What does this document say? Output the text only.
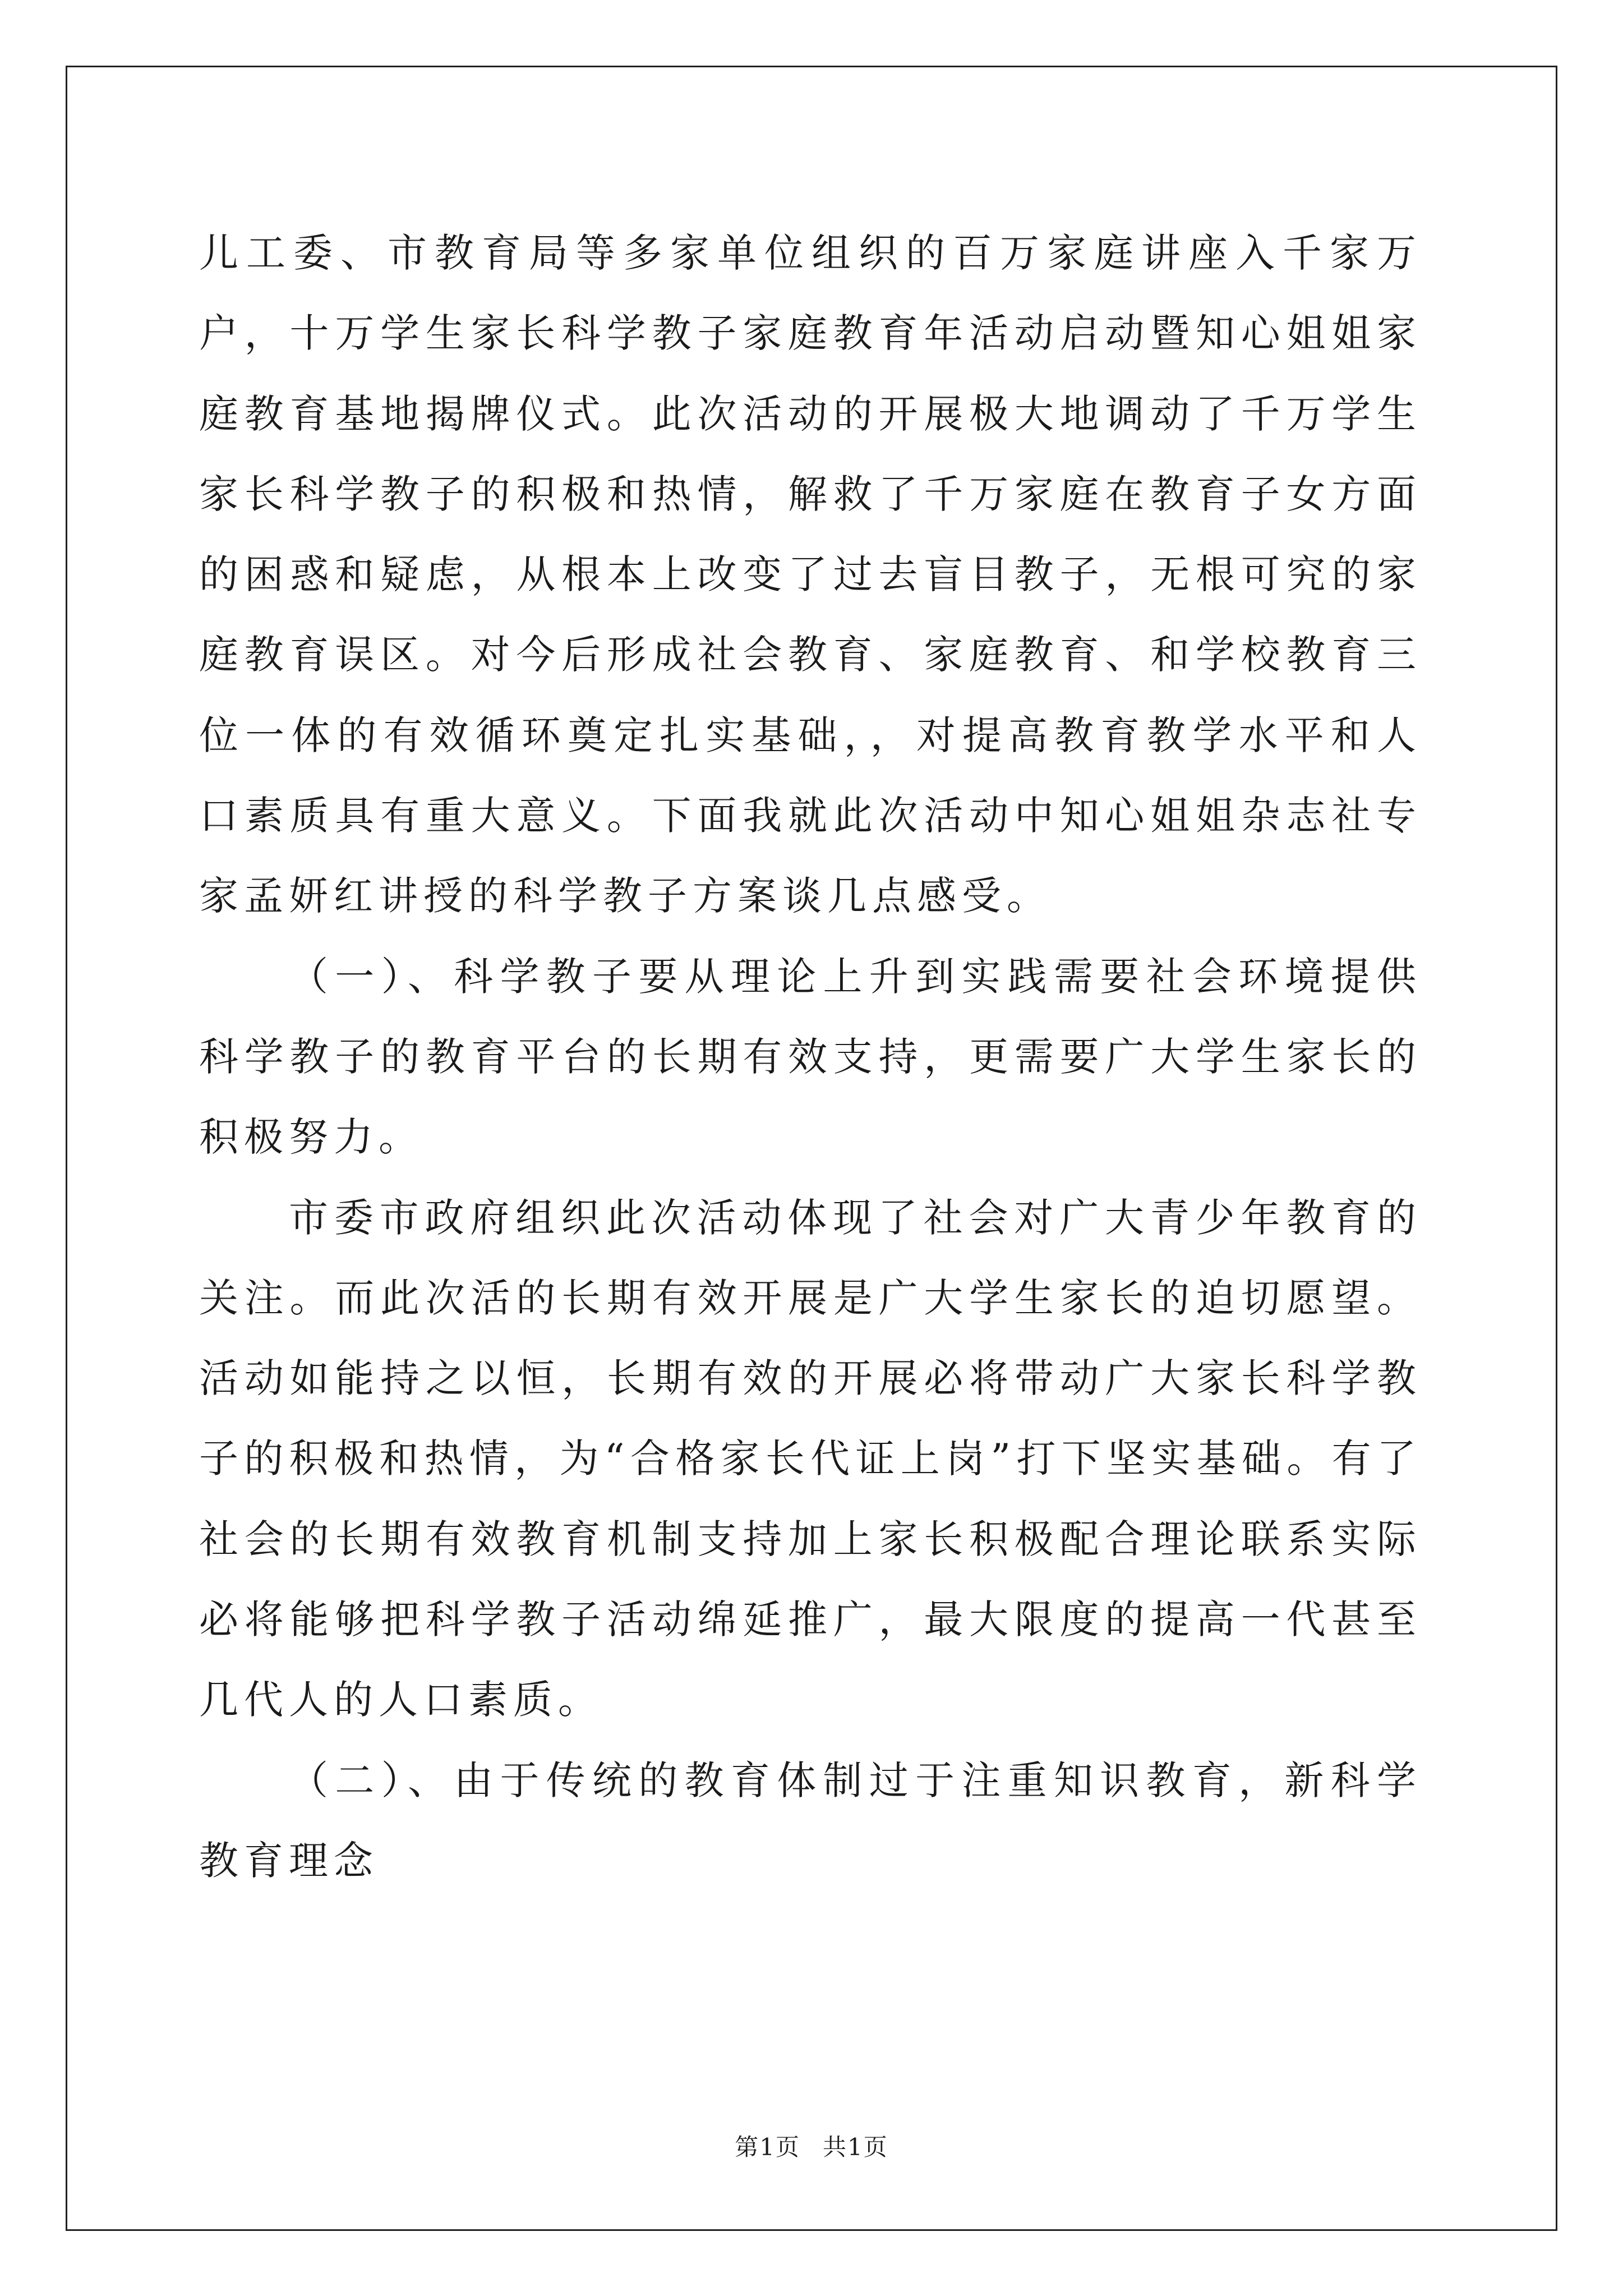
儿工委、市教育局等多家单位组织的百万家庭讲座入千家万户，十万学生家长科学教子家庭教育年活动启动暨知心姐姐家庭教育基地揭牌仪式。此次活动的开展极大地调动了千万学生家长科学教子的积极和热情，解救了千万家庭在教育子女方面的困惑和疑虑，从根本上改变了过去盲目教子，无根可究的家庭教育误区。对今后形成社会教育、家庭教育、和学校教育三位一体的有效循环奠定扎实基础，，对提高教育教学水平和人口素质具有重大意义。下面我就此次活动中知心姐姐杂志社专家孟妍红讲授的科学教子方案谈几点感受。

（一）、科学教子要从理论上升到实践需要社会环境提供科学教子的教育平台的长期有效支持，更需要广大学生家长的积极努力。

市委市政府组织此次活动体现了社会对广大青少年教育的关注。而此次活的长期有效开展是广大学生家长的迫切愿望。活动如能持之以恒，长期有效的开展必将带动广大家长科学教子的积极和热情，为“合格家长代证上岗”打下坚实基础。有了社会的长期有效教育机制支持加上家长积极配合理论联系实际必将能够把科学教子活动绵延推广，最大限度的提高一代甚至几代人的人口素质。

（二）、由于传统的教育体制过于注重知识教育，新科学教育理念

第1页 共1页
